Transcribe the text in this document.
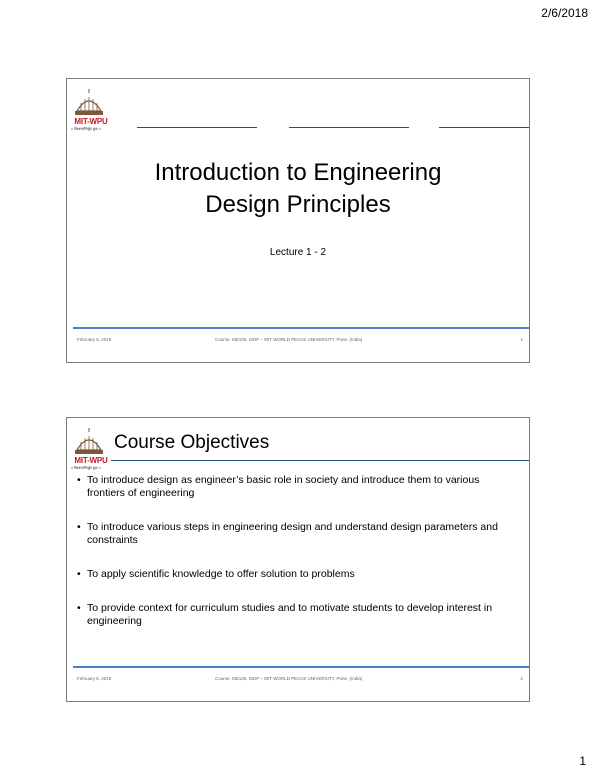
2/6/2018
MIT-WPU
॥ विश्वशान्तिर्ध्रुवं ध्रुवा ॥
Introduction to Engineering
Design Principles
Lecture 1 - 2
February 6, 2018	Course: ME105, ISDP – MIT WORLD PEACE UNIVERSITY, Pune. (India)	1
MIT-WPU
॥ विश्वशान्तिर्ध्रुवं ध्रुवा ॥
Course Objectives
• To introduce design as engineer’s basic role in society and introduce them to various frontiers of engineering
• To introduce various steps in engineering design and understand design parameters and constraints
• To apply scientific knowledge to offer solution to problems
• To provide context for curriculum studies and to motivate students to develop interest in engineering
February 6, 2018	Course: ME105, ISDP – MIT WORLD PEACE UNIVERSITY, Pune. (India)	2
1
